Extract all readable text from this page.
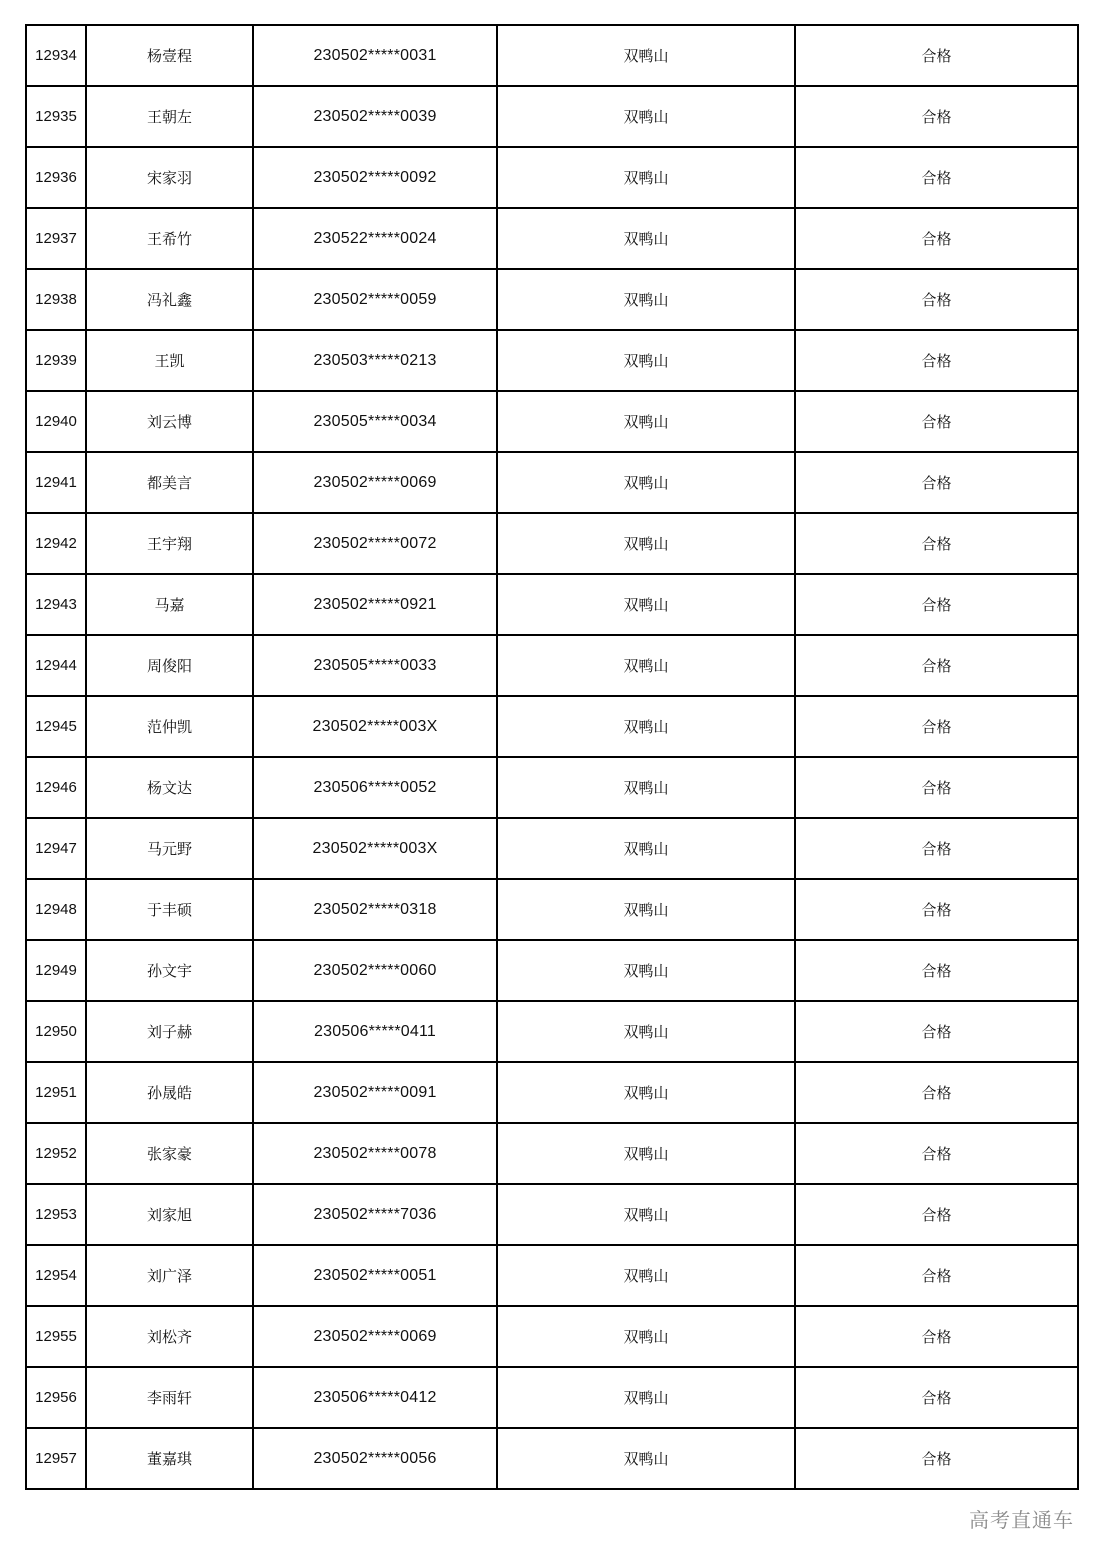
12934	杨壹程	230502*****0031	双鸭山	合格
12935	王朝左	230502*****0039	双鸭山	合格
12936	宋家羽	230502*****0092	双鸭山	合格
12937	王希竹	230522*****0024	双鸭山	合格
12938	冯礼鑫	230502*****0059	双鸭山	合格
12939	王凯	230503*****0213	双鸭山	合格
12940	刘云博	230505*****0034	双鸭山	合格
12941	都美言	230502*****0069	双鸭山	合格
12942	王宇翔	230502*****0072	双鸭山	合格
12943	马嘉	230502*****0921	双鸭山	合格
12944	周俊阳	230505*****0033	双鸭山	合格
12945	范仲凯	230502*****003X	双鸭山	合格
12946	杨文达	230506*****0052	双鸭山	合格
12947	马元野	230502*****003X	双鸭山	合格
12948	于丰硕	230502*****0318	双鸭山	合格
12949	孙文宇	230502*****0060	双鸭山	合格
12950	刘子赫	230506*****0411	双鸭山	合格
12951	孙晟皓	230502*****0091	双鸭山	合格
12952	张家豪	230502*****0078	双鸭山	合格
12953	刘家旭	230502*****7036	双鸭山	合格
12954	刘广泽	230502*****0051	双鸭山	合格
12955	刘松齐	230502*****0069	双鸭山	合格
12956	李雨轩	230506*****0412	双鸭山	合格
12957	董嘉琪	230502*****0056	双鸭山	合格
高考直通车
